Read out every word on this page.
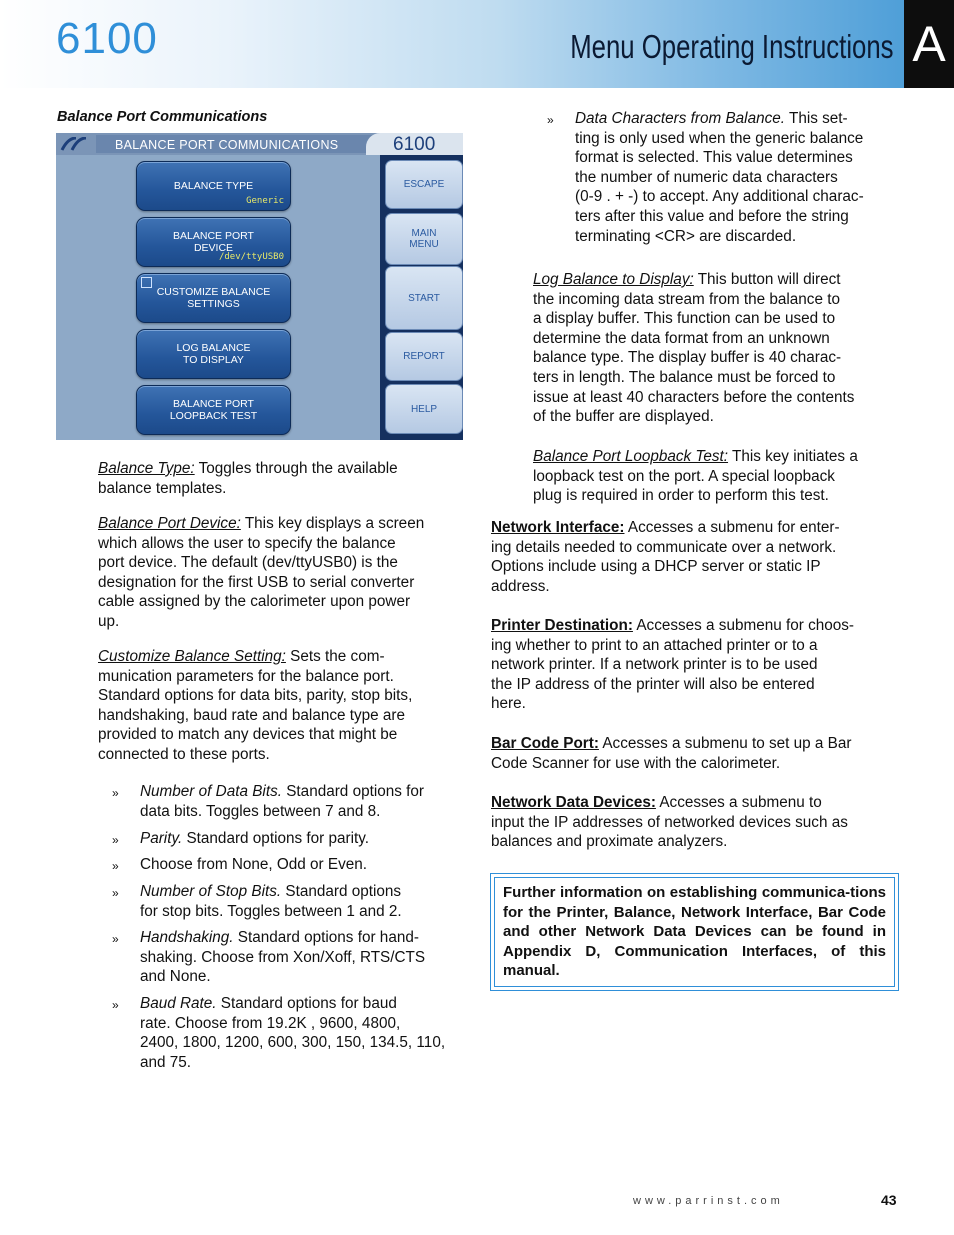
6100	Menu Operating Instructions A
Balance Port Communications
BALANCE PORT COMMUNICATIONS	6100
BALANCE TYPE
Generic
BALANCE PORT
DEVICE
/dev/ttyUSB0
CUSTOMIZE BALANCE
SETTINGS
LOG BALANCE
TO DISPLAY
BALANCE PORT
LOOPBACK TEST
ESCAPE
MAIN
MENU
START
REPORT
HELP
Balance Type: Toggles through the available
balance templates.
Balance Port Device: This key displays a screen
which allows the user to specify the balance
port device. The default (dev/ttyUSB0) is the
designation for the first USB to serial converter
cable assigned by the calorimeter upon power
up.
Customize Balance Setting: Sets the com-
munication parameters for the balance port.
Standard options for data bits, parity, stop bits,
handshaking, baud rate and balance type are
provided to match any devices that might be
connected to these ports.
» Number of Data Bits. Standard options for
data bits. Toggles between 7 and 8.
» Parity. Standard options for parity.
» Choose from None, Odd or Even.
» Number of Stop Bits. Standard options
for stop bits. Toggles between 1 and 2.
» Handshaking. Standard options for hand-
shaking. Choose from Xon/Xoff, RTS/CTS
and None.
» Baud Rate. Standard options for baud
rate. Choose from 19.2K , 9600, 4800,
2400, 1800, 1200, 600, 300, 150, 134.5, 110,
and 75.
» Data Characters from Balance. This set-
ting is only used when the generic balance
format is selected. This value determines
the number of numeric data characters
(0-9 . + -) to accept. Any additional charac-
ters after this value and before the string
terminating <CR> are discarded.
Log Balance to Display: This button will direct
the incoming data stream from the balance to
a display buffer. This function can be used to
determine the data format from an unknown
balance type. The display buffer is 40 charac-
ters in length. The balance must be forced to
issue at least 40 characters before the contents
of the buffer are displayed.
Balance Port Loopback Test: This key initiates a
loopback test on the port. A special loopback
plug is required in order to perform this test.
Network Interface: Accesses a submenu for enter-
ing details needed to communicate over a network.
Options include using a DHCP server or static IP
address.
Printer Destination: Accesses a submenu for choos-
ing whether to print to an attached printer or to a
network printer. If a network printer is to be used
the IP address of the printer will also be entered
here.
Bar Code Port: Accesses a submenu to set up a Bar
Code Scanner for use with the calorimeter.
Network Data Devices: Accesses a submenu to
input the IP addresses of networked devices such as
balances and proximate analyzers.
Further information on establishing communica-tions for the Printer, Balance, Network Interface, Bar Code and other Network Data Devices can be found in Appendix D, Communication Interfaces, of this manual.
www.parrinst.com	43
